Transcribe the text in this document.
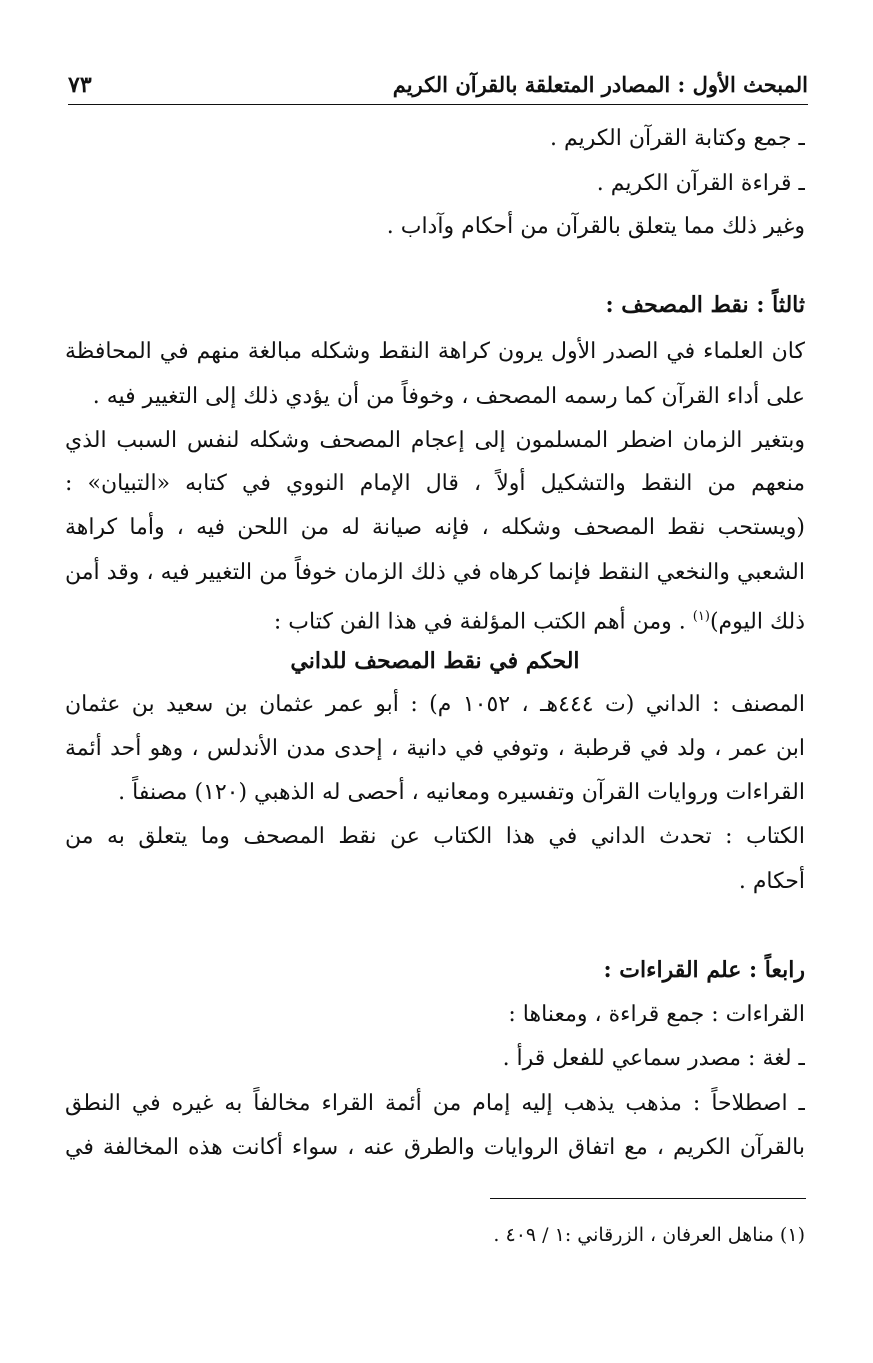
المبحث الأول : المصادر المتعلقة بالقرآن الكريم
٧٣
ـ جمع وكتابة القرآن الكريم .
ـ قراءة القرآن الكريم .
وغير ذلك مما يتعلق بالقرآن من أحكام وآداب .
ثالثاً : نقط المصحف :
كان العلماء في الصدر الأول يرون كراهة النقط وشكله مبالغة منهم في المحافظة
على أداء القرآن كما رسمه المصحف ، وخوفاً من أن يؤدي ذلك إلى التغيير فيه .
وبتغير الزمان اضطر المسلمون إلى إعجام المصحف وشكله لنفس السبب الذي
منعهم من النقط والتشكيل أولاً ، قال الإمام النووي في كتابه «التبيان» :
(ويستحب نقط المصحف وشكله ، فإنه صيانة له من اللحن فيه ، وأما كراهة
الشعبي والنخعي النقط فإنما كرهاه في ذلك الزمان خوفاً من التغيير فيه ، وقد أمن
ذلك اليوم)$^{(١)}$ . ومن أهم الكتب المؤلفة في هذا الفن كتاب :
الحكم في نقط المصحف للداني
المصنف : الداني (ت ٤٤٤هـ ، ١٠٥٢ م) : أبو عمر عثمان بن سعيد بن عثمان
ابن عمر ، ولد في قرطبة ، وتوفي في دانية ، إحدى مدن الأندلس ، وهو أحد أئمة
القراءات وروايات القرآن وتفسيره ومعانيه ، أحصى له الذهبي (١٢٠) مصنفاً .
الكتاب : تحدث الداني في هذا الكتاب عن نقط المصحف وما يتعلق به من
أحكام .
رابعاً : علم القراءات :
القراءات : جمع قراءة ، ومعناها :
ـ لغة : مصدر سماعي للفعل قرأ .
ـ اصطلاحاً : مذهب يذهب إليه إمام من أئمة القراء مخالفاً به غيره في النطق
بالقرآن الكريم ، مع اتفاق الروايات والطرق عنه ، سواء أكانت هذه المخالفة في
(١) مناهل العرفان ، الزرقاني :١ / ٤٠٩ .
